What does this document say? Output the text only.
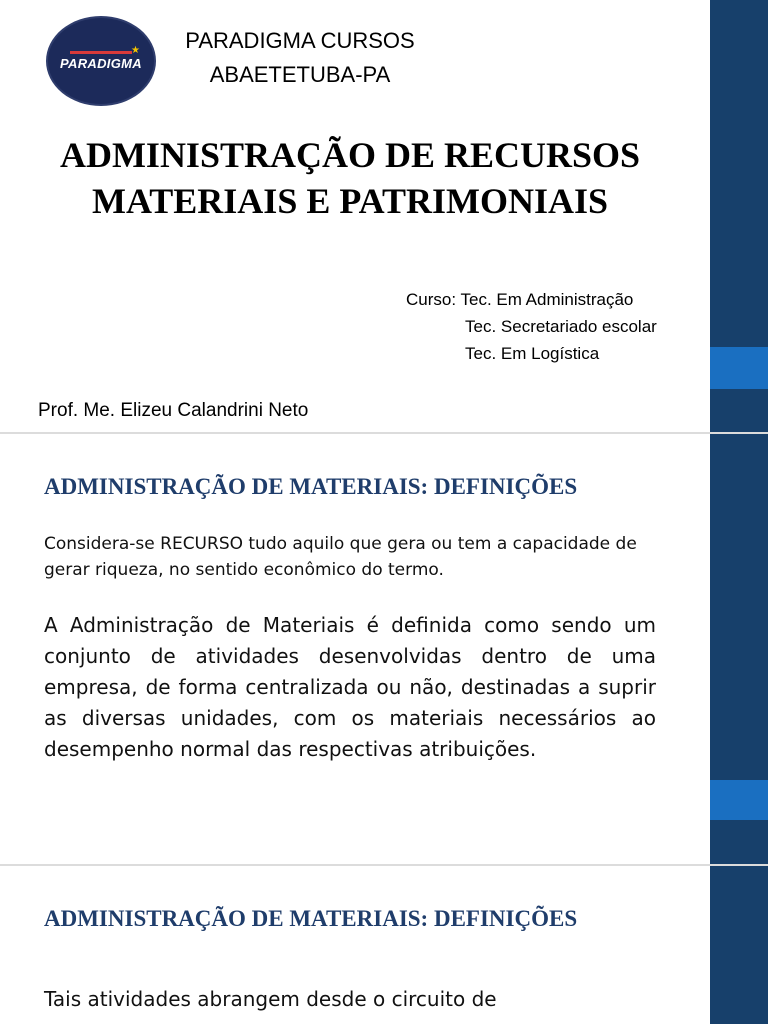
★
PARADIGMA
PARADIGMA CURSOS
ABAETETUBA-PA
ADMINISTRAÇÃO DE RECURSOS
MATERIAIS E PATRIMONIAIS
Curso: Tec. Em Administração
Tec. Secretariado escolar
Tec. Em Logística
Prof. Me. Elizeu Calandrini Neto
ADMINISTRAÇÃO DE MATERIAIS: DEFINIÇÕES
Considera-se RECURSO tudo aquilo que gera ou tem a capacidade de gerar riqueza, no sentido econômico do termo.
A Administração de Materiais é definida como sendo um conjunto de atividades desenvolvidas dentro de uma empresa, de forma centralizada ou não, destinadas a suprir as diversas unidades, com os materiais necessários ao desempenho normal das respectivas atribuições.
ADMINISTRAÇÃO DE MATERIAIS: DEFINIÇÕES
Tais atividades abrangem desde o circuito de
